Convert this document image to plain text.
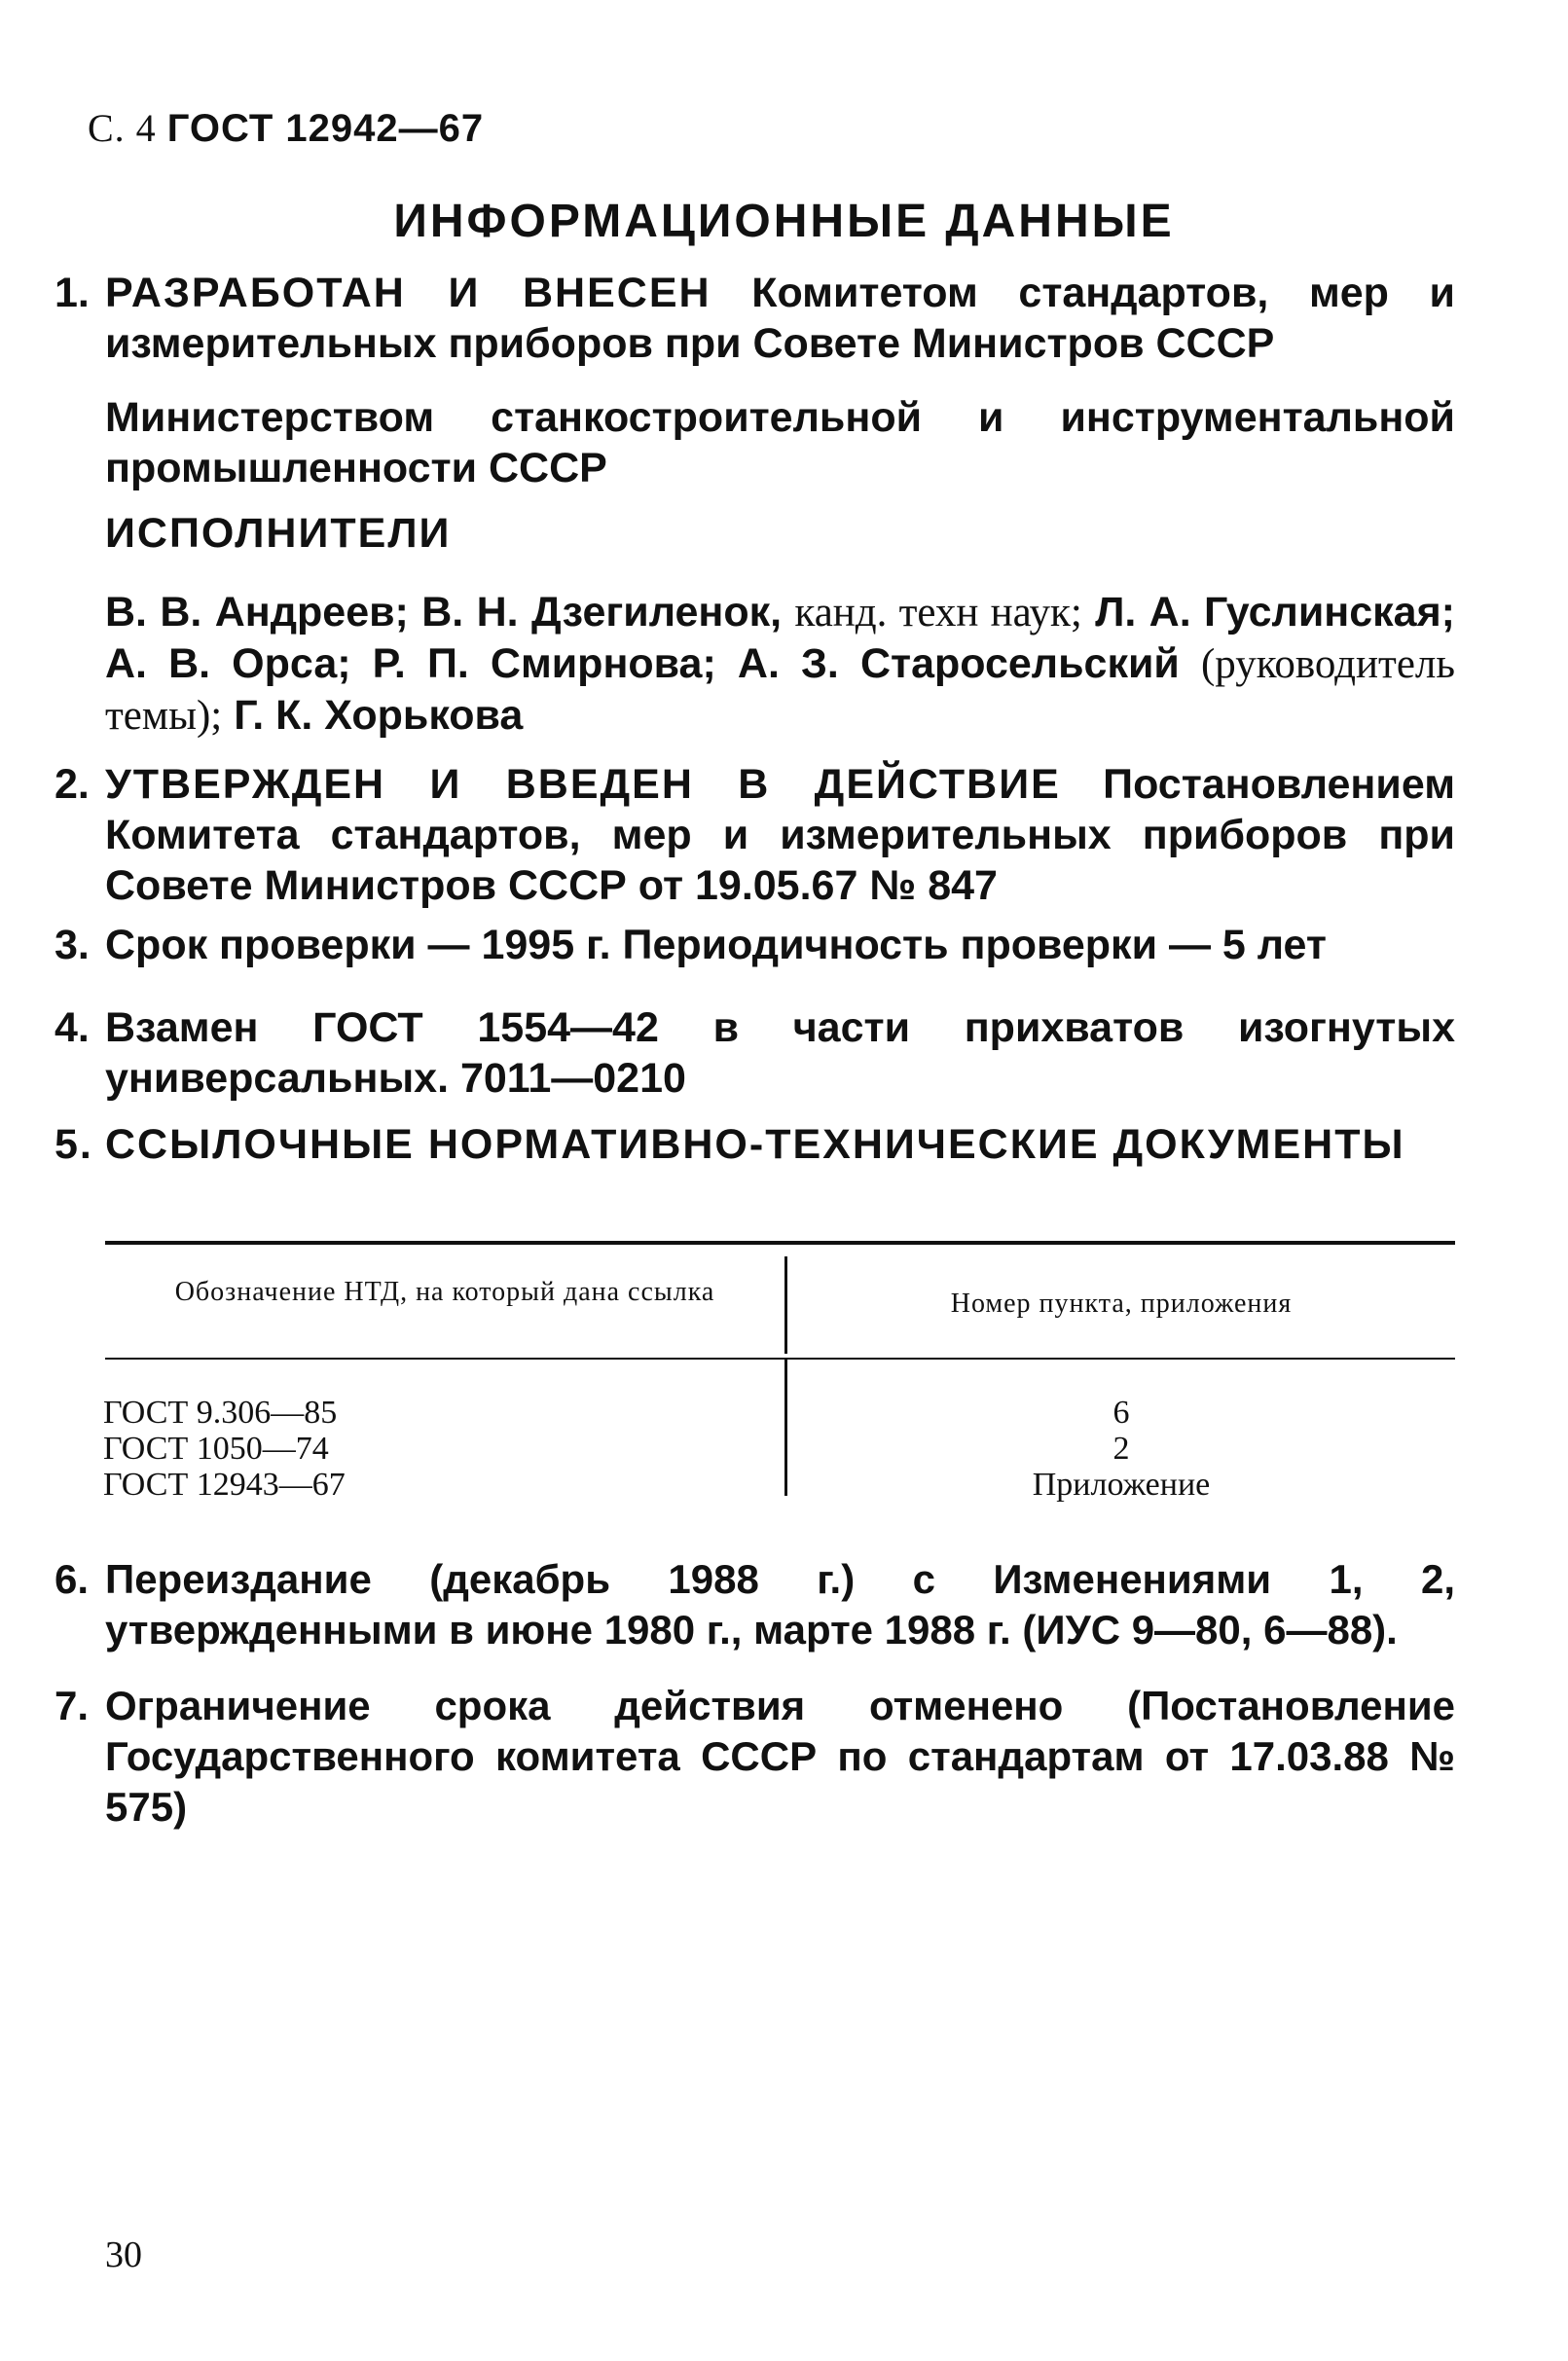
С. 4 ГОСТ 12942—67
ИНФОРМАЦИОННЫЕ ДАННЫЕ
1. РАЗРАБОТАН И ВНЕСЕН Комитетом стандартов, мер и измерительных приборов при Совете Министров СССР
Министерством станкостроительной и инструментальной промышленности СССР
ИСПОЛНИТЕЛИ
В. В. Андреев; В. Н. Дзегиленок, канд. техн наук; Л. А. Гуслинская; А. В. Орса; Р. П. Смирнова; А. З. Старосельский (руководитель темы); Г. К. Хорькова
2. УТВЕРЖДЕН И ВВЕДЕН В ДЕЙСТВИЕ Постановлением Комитета стандартов, мер и измерительных приборов при Совете Министров СССР от 19.05.67 № 847
3. Срок проверки — 1995 г. Периодичность проверки — 5 лет
4. Взамен ГОСТ 1554—42 в части прихватов изогнутых универсальных. 7011—0210
5. ССЫЛОЧНЫЕ НОРМАТИВНО-ТЕХНИЧЕСКИЕ ДОКУМЕНТЫ
Обозначение НТД, на который дана ссылка	Номер пункта, приложения
ГОСТ 9.306—85	6
ГОСТ 1050—74	2
ГОСТ 12943—67	Приложение
6. Переиздание (декабрь 1988 г.) с Изменениями 1, 2, утвержденными в июне 1980 г., марте 1988 г. (ИУС 9—80, 6—88).
7. Ограничение срока действия отменено (Постановление Государственного комитета СССР по стандартам от 17.03.88 № 575)
30
